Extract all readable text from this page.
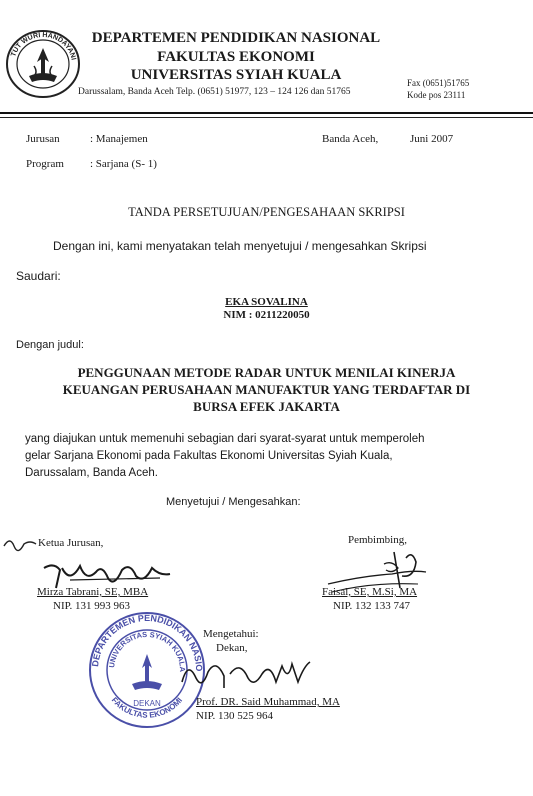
TUT WURI HANDAYANI
DEPARTEMEN PENDIDIKAN NASIONAL
FAKULTAS EKONOMI
UNIVERSITAS SYIAH KUALA
Darussalam, Banda Aceh Telp. (0651) 51977, 123 – 124 126 dan 51765
Fax (0651)51765
Kode pos 23111
Jurusan	: Manajemen
Program : Sarjana (S- 1)
Banda Aceh,	Juni 2007
TANDA PERSETUJUAN/PENGESAHAAN SKRIPSI
Dengan ini, kami menyatakan telah menyetujui / mengesahkan Skripsi
Saudari:
EKA SOVALINA
NIM : 0211220050
Dengan judul:
PENGGUNAAN METODE RADAR UNTUK MENILAI KINERJA
KEUANGAN PERUSAHAAN MANUFAKTUR YANG TERDAFTAR DI
BURSA EFEK JAKARTA
yang diajukan untuk memenuhi sebagian dari syarat-syarat untuk memperoleh
gelar Sarjana Ekonomi pada Fakultas Ekonomi Universitas Syiah Kuala,
Darussalam, Banda Aceh.
Menyetujui / Mengesahkan:
Ketua Jurusan,
Mirza Tabrani, SE, MBA
NIP. 131 993 963
Pembimbing,
Faisal, SE, M.Si, MA
NIP. 132 133 747
DEPARTEMEN PENDIDIKAN NASIO
UNIVERSITAS SYIAH KUALA
FAKULTAS EKONOMI
DEKAN
Mengetahui:
Dekan,
Prof. DR. Said Muhammad, MA
NIP. 130 525 964
